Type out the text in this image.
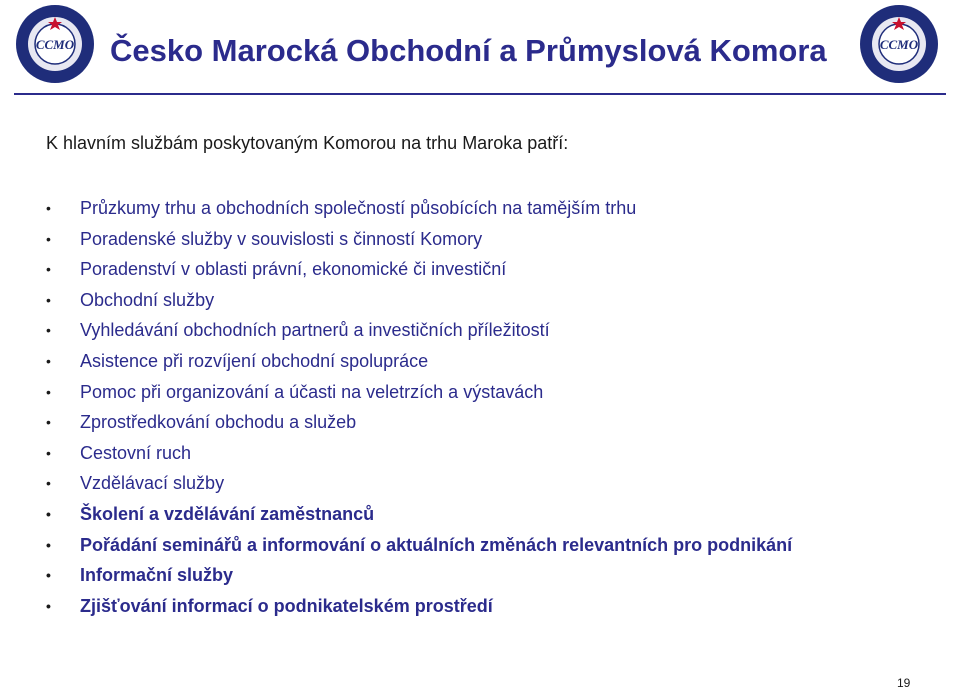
CCMO	CCMO
Česko Marocká Obchodní a Průmyslová Komora

K hlavním službám poskytovaným Komorou na trhu Maroka patří:

• Průzkumy trhu a obchodních společností působících na tamějším trhu
• Poradenské služby v souvislosti s činností Komory
• Poradenství v oblasti právní, ekonomické či investiční
• Obchodní služby
• Vyhledávání obchodních partnerů a investičních příležitostí
• Asistence při rozvíjení obchodní spolupráce
• Pomoc při organizování a účasti na veletrzích a výstavách
• Zprostředkování obchodu a služeb
• Cestovní ruch
• Vzdělávací služby
• Školení a vzdělávání zaměstnanců
• Pořádání seminářů a informování o aktuálních změnách relevantních pro podnikání
• Informační služby
• Zjišťování informací o podnikatelském prostředí
19
